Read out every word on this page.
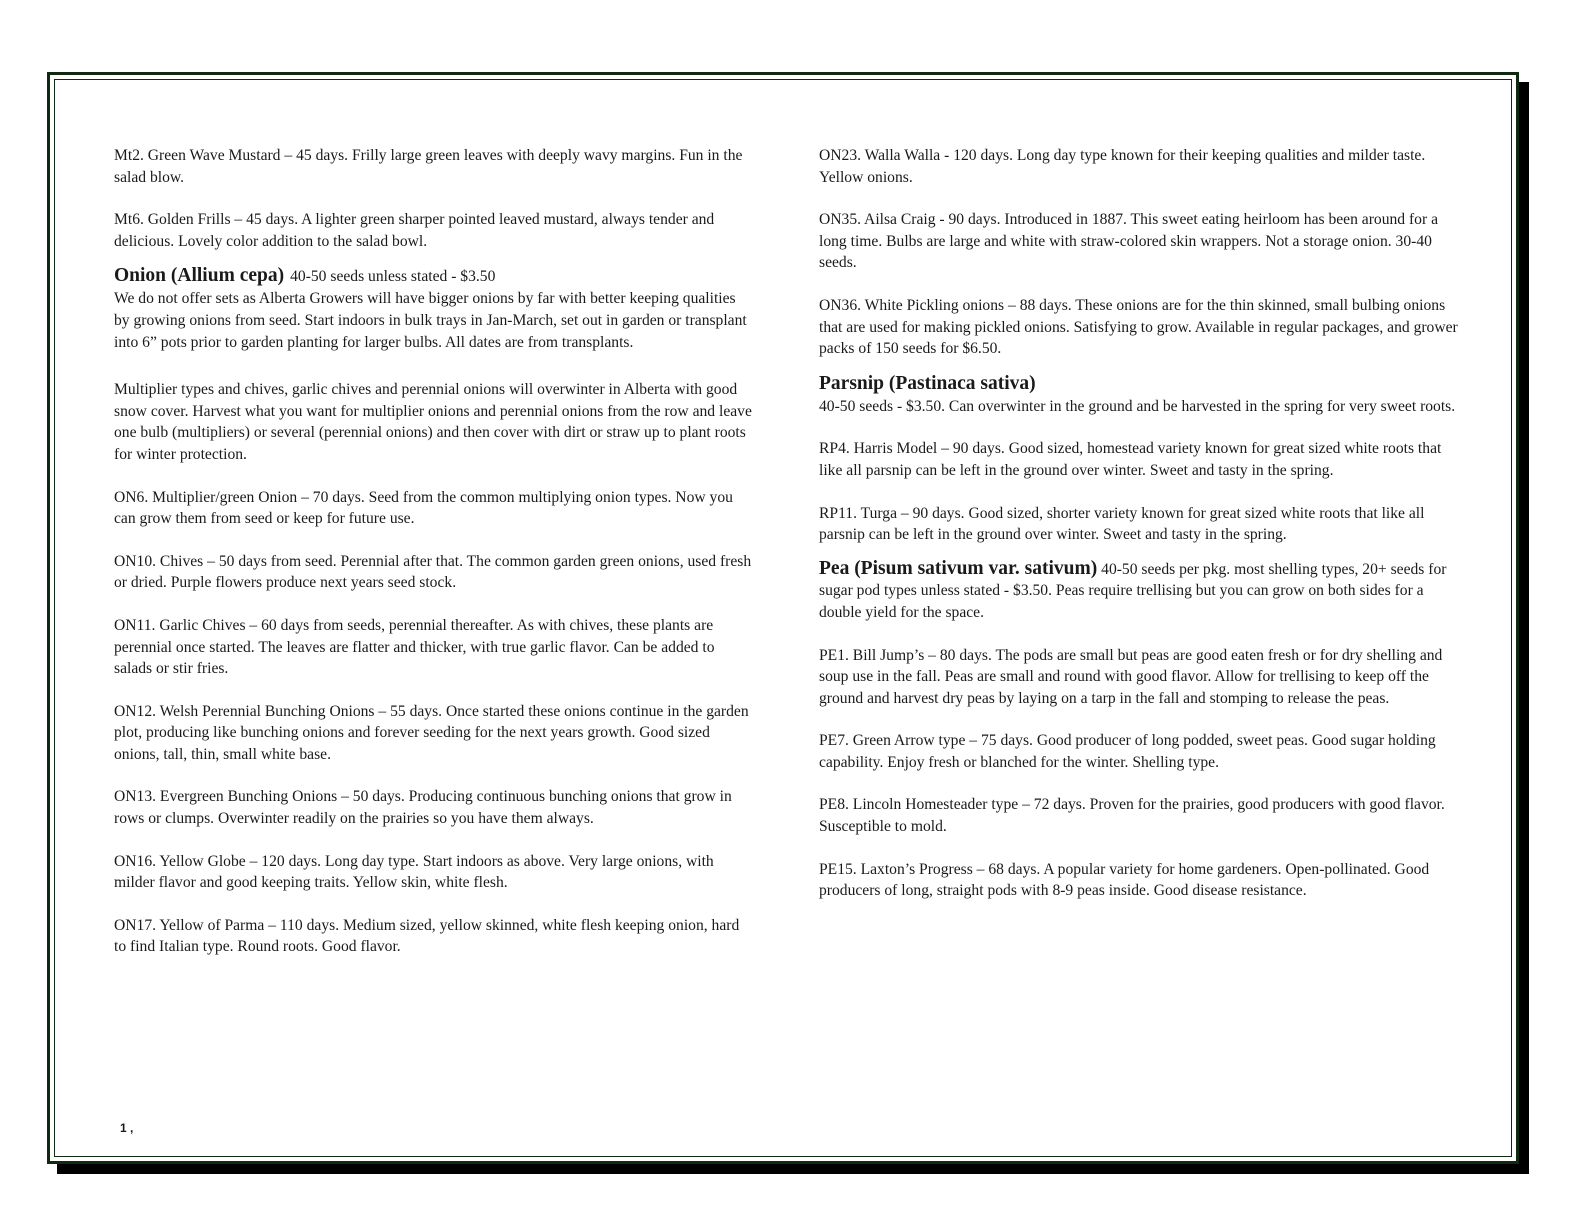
Mt2. Green Wave Mustard – 45 days. Frilly large green leaves with deeply wavy margins. Fun in the salad blow.

Mt6. Golden Frills – 45 days. A lighter green sharper pointed leaved mustard, always tender and delicious. Lovely color addition to the salad bowl.

Onion (Allium cepa) 40-50 seeds unless stated - $3.50

We do not offer sets as Alberta Growers will have bigger onions by far with better keeping qualities by growing onions from seed. Start indoors in bulk trays in Jan-March, set out in garden or transplant into 6” pots prior to garden planting for larger bulbs. All dates are from transplants.

Multiplier types and chives, garlic chives and perennial onions will overwinter in Alberta with good snow cover. Harvest what you want for multiplier onions and perennial onions from the row and leave one bulb (multipliers) or several (perennial onions) and then cover with dirt or straw up to plant roots for winter protection.

ON6. Multiplier/green Onion – 70 days. Seed from the common multiplying onion types. Now you can grow them from seed or keep for future use.

ON10. Chives – 50 days from seed. Perennial after that. The common garden green onions, used fresh or dried. Purple flowers produce next years seed stock.

ON11. Garlic Chives – 60 days from seeds, perennial thereafter. As with chives, these plants are perennial once started. The leaves are flatter and thicker, with true garlic flavor. Can be added to salads or stir fries.

ON12. Welsh Perennial Bunching Onions – 55 days. Once started these onions continue in the garden plot, producing like bunching onions and forever seeding for the next years growth. Good sized onions, tall, thin, small white base.

ON13. Evergreen Bunching Onions – 50 days. Producing continuous bunching onions that grow in rows or clumps. Overwinter readily on the prairies so you have them always.

ON16. Yellow Globe – 120 days. Long day type. Start indoors as above. Very large onions, with milder flavor and good keeping traits. Yellow skin, white flesh.

ON17. Yellow of Parma – 110 days. Medium sized, yellow skinned, white flesh keeping onion, hard to find Italian type. Round roots. Good flavor.

ON23. Walla Walla - 120 days. Long day type known for their keeping qualities and milder taste. Yellow onions.

ON35. Ailsa Craig - 90 days. Introduced in 1887. This sweet eating heirloom has been around for a long time. Bulbs are large and white with straw-colored skin wrappers. Not a storage onion. 30-40 seeds.

ON36. White Pickling onions – 88 days. These onions are for the thin skinned, small bulbing onions that are used for making pickled onions. Satisfying to grow. Available in regular packages, and grower packs of 150 seeds for $6.50.

Parsnip (Pastinaca sativa)

40-50 seeds - $3.50. Can overwinter in the ground and be harvested in the spring for very sweet roots.

RP4. Harris Model – 90 days. Good sized, homestead variety known for great sized white roots that like all parsnip can be left in the ground over winter. Sweet and tasty in the spring.

RP11. Turga – 90 days. Good sized, shorter variety known for great sized white roots that like all parsnip can be left in the ground over winter. Sweet and tasty in the spring.

Pea (Pisum sativum var. sativum) 40-50 seeds per pkg. most shelling types, 20+ seeds for sugar pod types unless stated - $3.50. Peas require trellising but you can grow on both sides for a double yield for the space.

PE1. Bill Jump’s – 80 days. The pods are small but peas are good eaten fresh or for dry shelling and soup use in the fall. Peas are small and round with good flavor. Allow for trellising to keep off the ground and harvest dry peas by laying on a tarp in the fall and stomping to release the peas.

PE7. Green Arrow type – 75 days. Good producer of long podded, sweet peas. Good sugar holding capability. Enjoy fresh or blanched for the winter. Shelling type.

PE8. Lincoln Homesteader type – 72 days. Proven for the prairies, good producers with good flavor. Susceptible to mold.

PE15. Laxton’s Progress – 68 days. A popular variety for home gardeners. Open-pollinated. Good producers of long, straight pods with 8-9 peas inside. Good disease resistance.

1 ,
